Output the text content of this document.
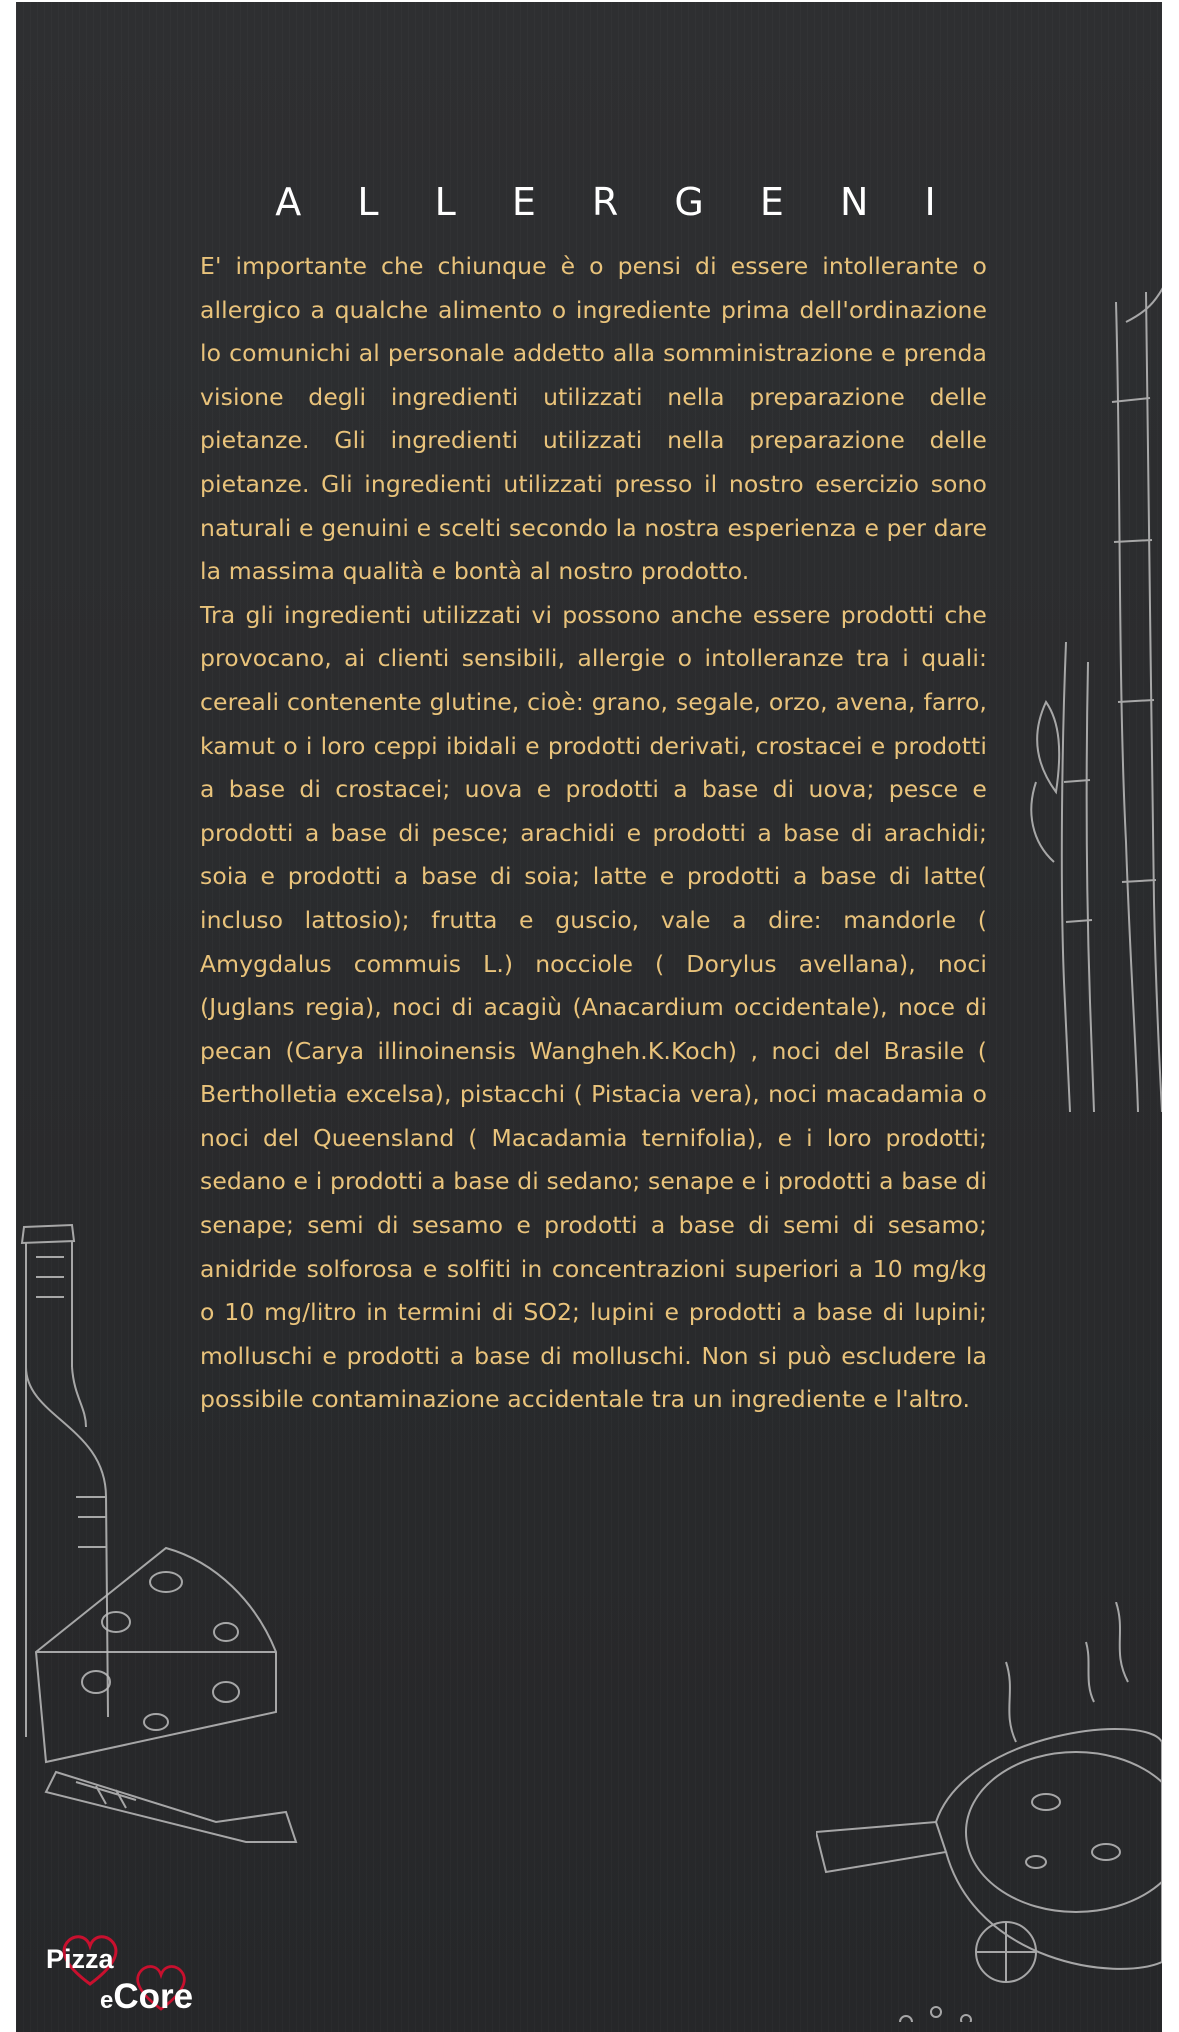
A L L E R G E N I

E' importante che chiunque è o pensi di essere intollerante o allergico a qualche alimento o ingrediente prima dell'ordinazione lo comunichi al personale addetto alla somministrazione e prenda visione degli ingredienti utilizzati nella preparazione delle pietanze. Gli ingredienti utilizzati nella preparazione delle pietanze. Gli ingredienti utilizzati presso il nostro esercizio sono naturali e genuini e scelti secondo la nostra esperienza e per dare la massima qualità e bontà al nostro prodotto.

Tra gli ingredienti utilizzati vi possono anche essere prodotti che provocano, ai clienti sensibili, allergie o intolleranze tra i quali: cereali contenente glutine, cioè: grano, segale, orzo, avena, farro, kamut o i loro ceppi ibidali e prodotti derivati, crostacei e prodotti a base di crostacei; uova e prodotti a base di uova; pesce e prodotti a base di pesce; arachidi e prodotti a base di arachidi; soia e prodotti a base di soia; latte e prodotti a base di latte( incluso lattosio); frutta e guscio, vale a dire: mandorle ( Amygdalus commuis L.) nocciole ( Dorylus avellana), noci (Juglans regia), noci di acagiù (Anacardium occidentale), noce di pecan (Carya illinoinensis Wangheh.K.Koch) , noci del Brasile ( Bertholletia excelsa), pistacchi ( Pistacia vera), noci macadamia o noci del Queensland ( Macadamia ternifolia), e i loro prodotti; sedano e i prodotti a base di sedano; senape e i prodotti a base di senape; semi di sesamo e prodotti a base di semi di sesamo; anidride solforosa e solfiti in concentrazioni superiori a 10 mg/kg o 10 mg/litro in termini di SO2; lupini e prodotti a base di lupini; molluschi e prodotti a base di molluschi. Non si può escludere la possibile contaminazione accidentale tra un ingrediente e l'altro.

Pizza
eCore
